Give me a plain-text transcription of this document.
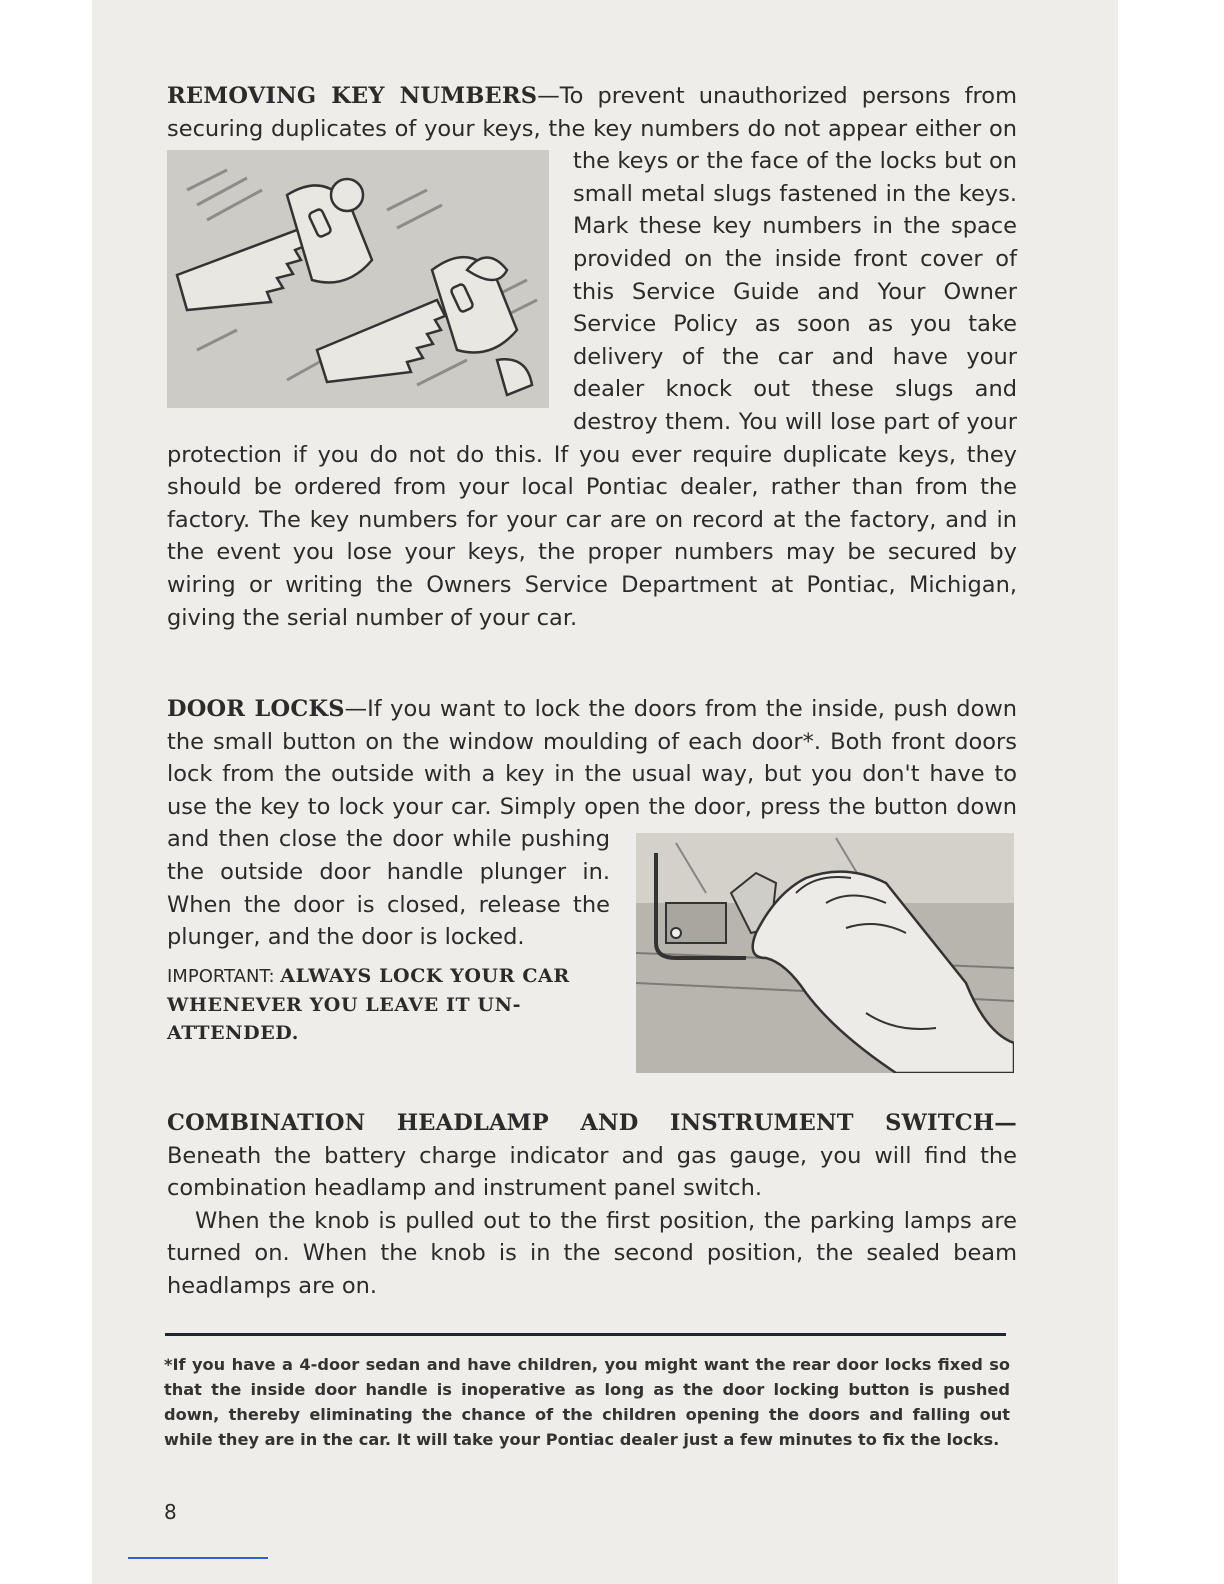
REMOVING KEY NUMBERS—To prevent unauthorized persons from securing duplicates of your keys, the key numbers do not appear
either on the keys or the face of the locks but on small metal slugs fastened in the keys. Mark these key numbers in the space provided on the inside front cover of this Service Guide and Your Owner Service Policy as soon as you take delivery of the car and have your dealer knock out these slugs and destroy them. You will lose part of your protection if you do not do this. If you ever require duplicate keys, they should be ordered from your local Pontiac dealer, rather than from the factory. The key numbers for your car are on record at the factory, and in the event you lose your keys, the proper numbers may be secured by wiring or writing the Owners Service Department at Pontiac, Michigan, giving the serial number of your car.

DOOR LOCKS—If you want to lock the doors from the inside, push down the small button on the window moulding of each door*. Both front doors lock from the outside with a key in the usual way, but you don't have to use the key to lock your car. Simply open the door,
press the button down and then close the door while pushing the outside door handle plunger in. When the door is closed, release the plunger, and the door is locked.

IMPORTANT: ALWAYS LOCK YOUR CAR WHENEVER YOU LEAVE IT UN-ATTENDED.

COMBINATION HEADLAMP AND INSTRUMENT SWITCH— Beneath the battery charge indicator and gas gauge, you will find the combination headlamp and instrument panel switch.

When the knob is pulled out to the first position, the parking lamps are turned on. When the knob is in the second position, the sealed beam headlamps are on.

*If you have a 4-door sedan and have children, you might want the rear door locks fixed so that the inside door handle is inoperative as long as the door locking button is pushed down, thereby eliminating the chance of the children opening the doors and falling out while they are in the car. It will take your Pontiac dealer just a few minutes to fix the locks.

8
